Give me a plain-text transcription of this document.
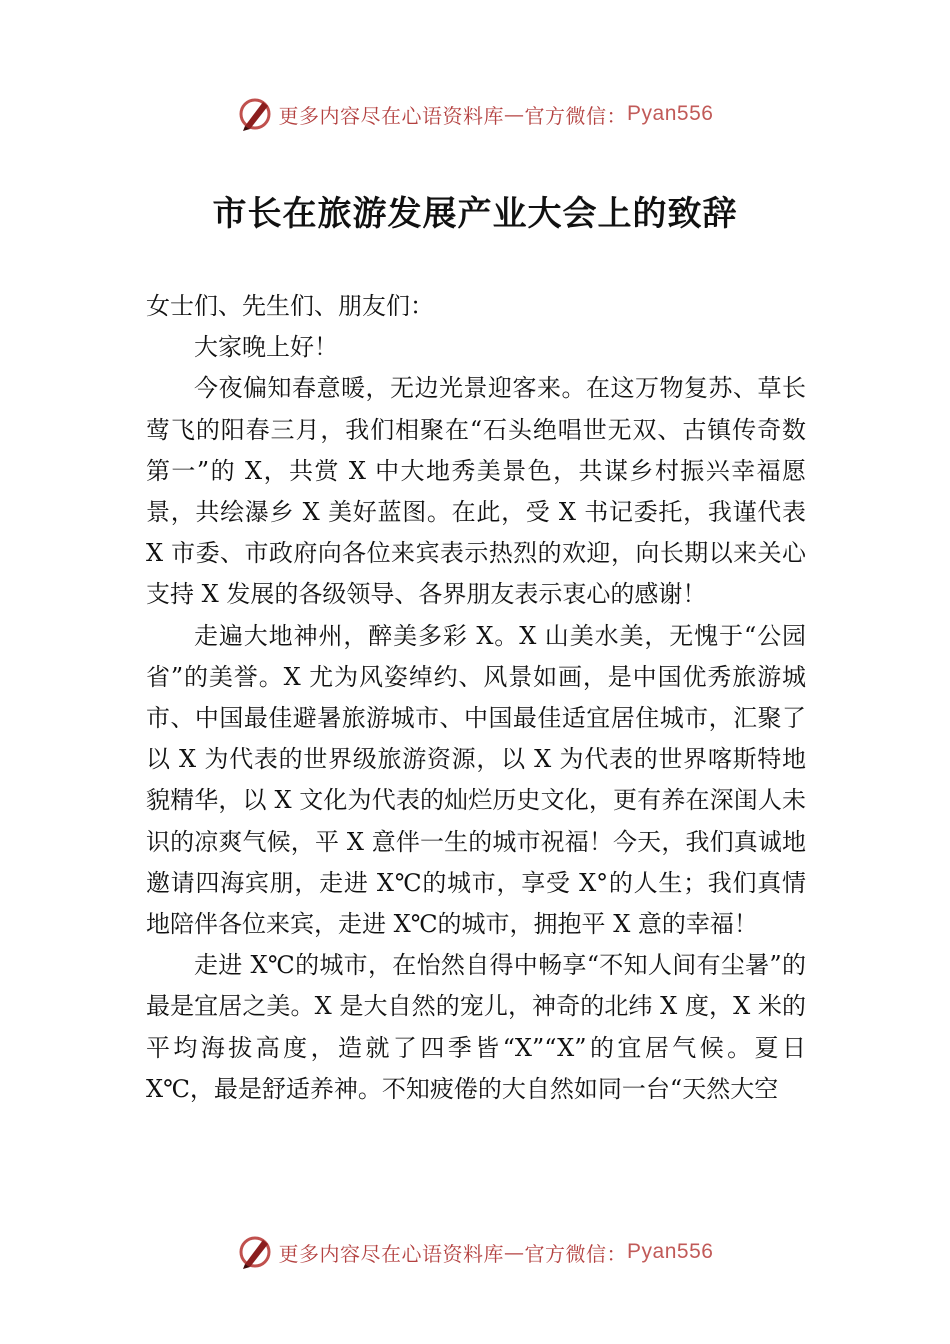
更多内容尽在心语资料库 — 官方微信： Pyan556
市长在旅游发展产业大会上的致辞

女士们、先生们、朋友们：

大家晚上好！

今夜偏知春意暖，无边光景迎客来。在这万物复苏、草长莺飞的阳春三月，我们相聚在“石头绝唱世无双、古镇传奇数第一”的 X，共赏 X 中大地秀美景色，共谋乡村振兴幸福愿景，共绘瀑乡 X 美好蓝图。在此，受 X 书记委托，我谨代表 X 市委、市政府向各位来宾表示热烈的欢迎，向长期以来关心支持 X 发展的各级领导、各界朋友表示衷心的感谢！

走遍大地神州，醉美多彩 X。X 山美水美，无愧于“公园省”的美誉。X 尤为风姿绰约、风景如画，是中国优秀旅游城市、中国最佳避暑旅游城市、中国最佳适宜居住城市，汇聚了以 X 为代表的世界级旅游资源，以 X 为代表的世界喀斯特地貌精华，以 X 文化为代表的灿烂历史文化，更有养在深闺人未识的凉爽气候，平 X 意伴一生的城市祝福！今天，我们真诚地邀请四海宾朋，走进 X℃的城市，享受 X°的人生；我们真情地陪伴各位来宾，走进 X℃的城市，拥抱平 X 意的幸福！

走进 X℃的城市，在怡然自得中畅享“不知人间有尘暑”的最是宜居之美。X 是大自然的宠儿，神奇的北纬 X 度，X 米的平均海拔高度，造就了四季皆“X”“X”的宜居气候。夏日 X℃，最是舒适养神。不知疲倦的大自然如同一台“天然大空

更多内容尽在心语资料库 — 官方微信： Pyan556
